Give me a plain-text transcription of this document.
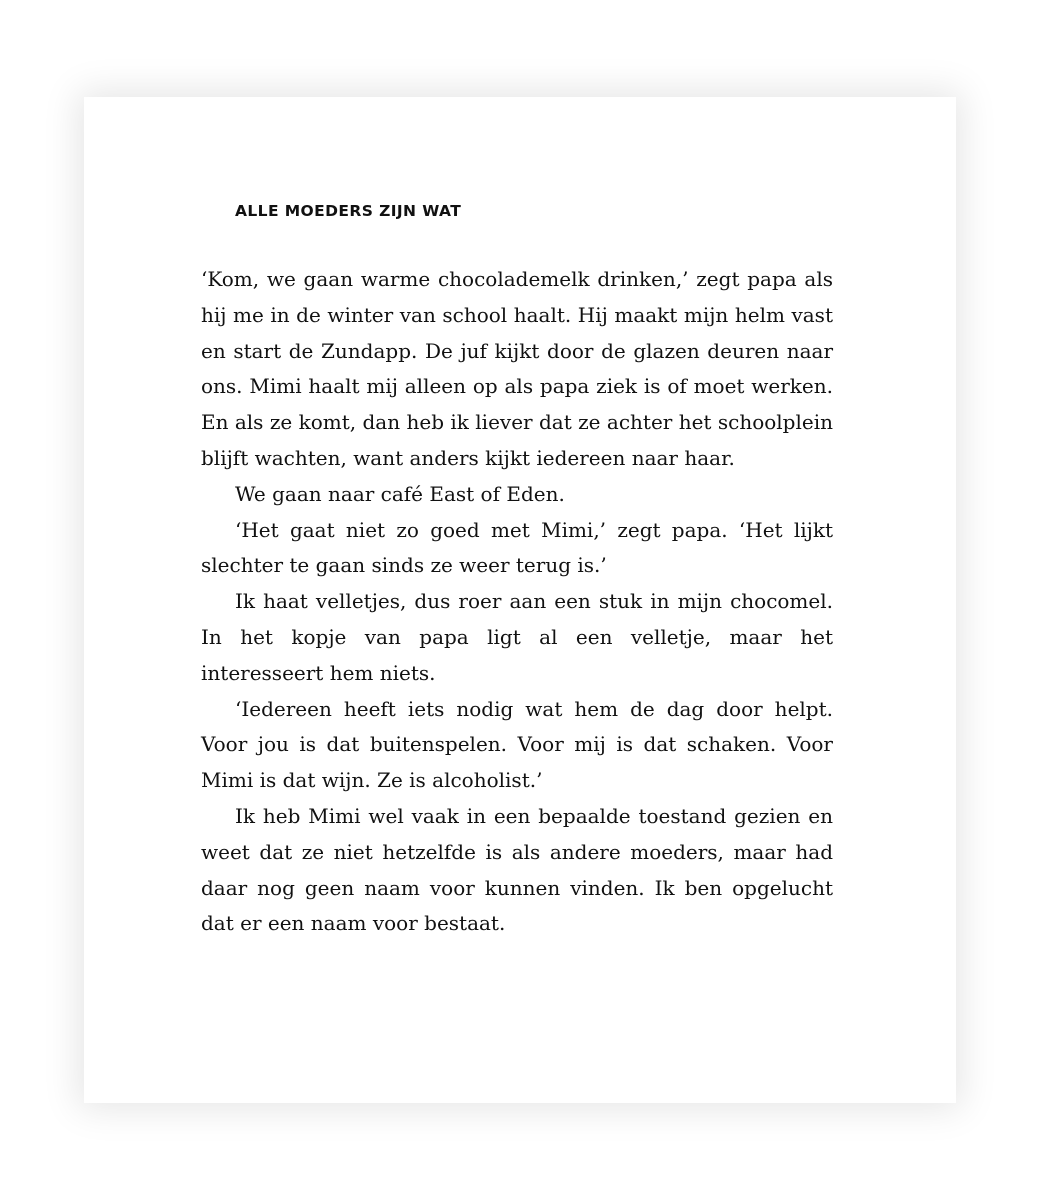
ALLE MOEDERS ZIJN WAT

‘Kom, we gaan warme chocolademelk drinken,’ zegt papa als hij me in de winter van school haalt. Hij maakt mijn helm vast en start de Zundapp. De juf kijkt door de glazen deuren naar ons. Mimi haalt mij alleen op als papa ziek is of moet werken. En als ze komt, dan heb ik liever dat ze achter het schoolplein blijft wachten, want anders kijkt iedereen naar haar.

We gaan naar café East of Eden.

‘Het gaat niet zo goed met Mimi,’ zegt papa. ‘Het lijkt slechter te gaan sinds ze weer terug is.’

Ik haat velletjes, dus roer aan een stuk in mijn chocomel. In het kopje van papa ligt al een velletje, maar het interesseert hem niets.

‘Iedereen heeft iets nodig wat hem de dag door helpt. Voor jou is dat buitenspelen. Voor mij is dat schaken. Voor Mimi is dat wijn. Ze is alcoholist.’

Ik heb Mimi wel vaak in een bepaalde toestand gezien en weet dat ze niet hetzelfde is als andere moeders, maar had daar nog geen naam voor kunnen vinden. Ik ben opgelucht dat er een naam voor bestaat.
